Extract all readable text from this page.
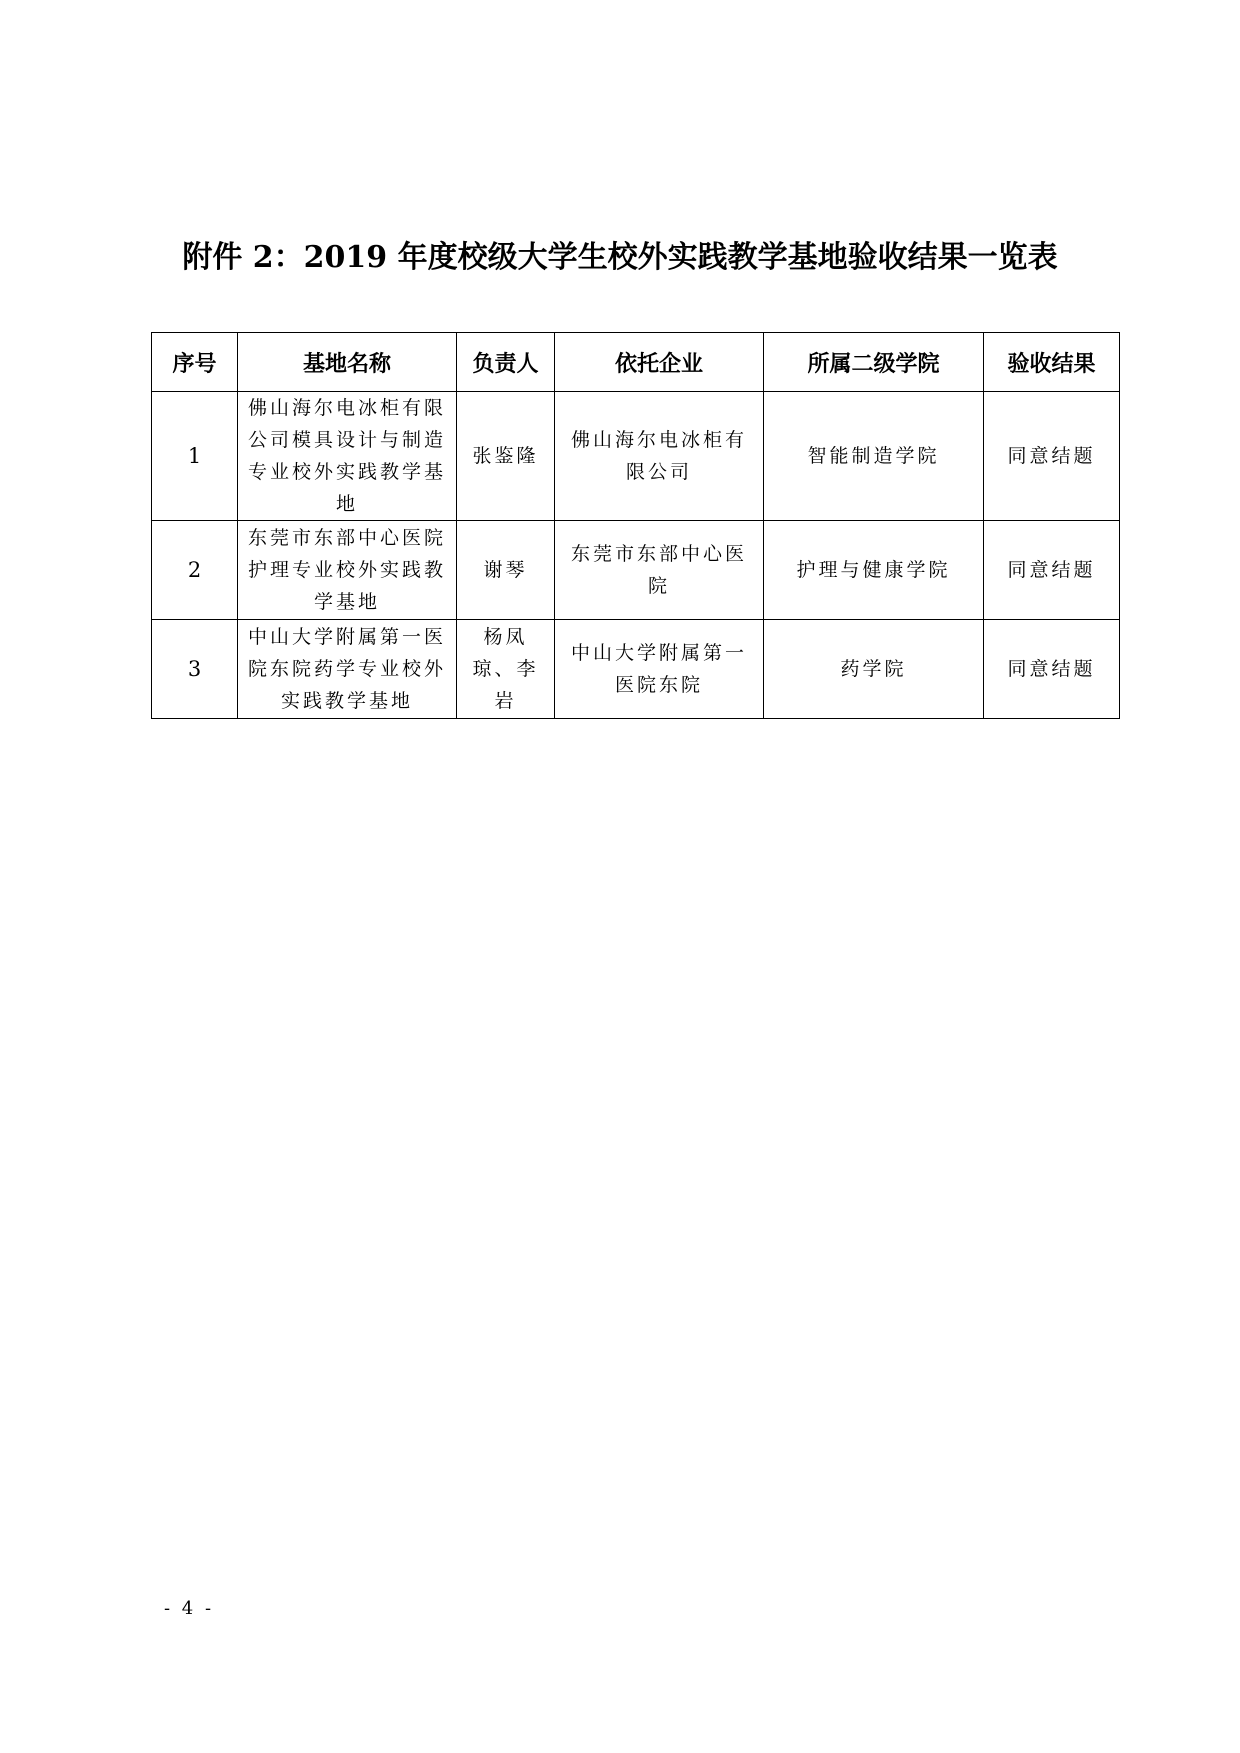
附件 2：2019 年度校级大学生校外实践教学基地验收结果一览表
序号	基地名称	负责人	依托企业	所属二级学院	验收结果
1	佛山海尔电冰柜有限公司模具设计与制造专业校外实践教学基地	张鉴隆	佛山海尔电冰柜有限公司	智能制造学院	同意结题
2	东莞市东部中心医院护理专业校外实践教学基地	谢琴	东莞市东部中心医院	护理与健康学院	同意结题
3	中山大学附属第一医院东院药学专业校外实践教学基地	杨凤琼、李岩	中山大学附属第一医院东院	药学院	同意结题
- 4 -
